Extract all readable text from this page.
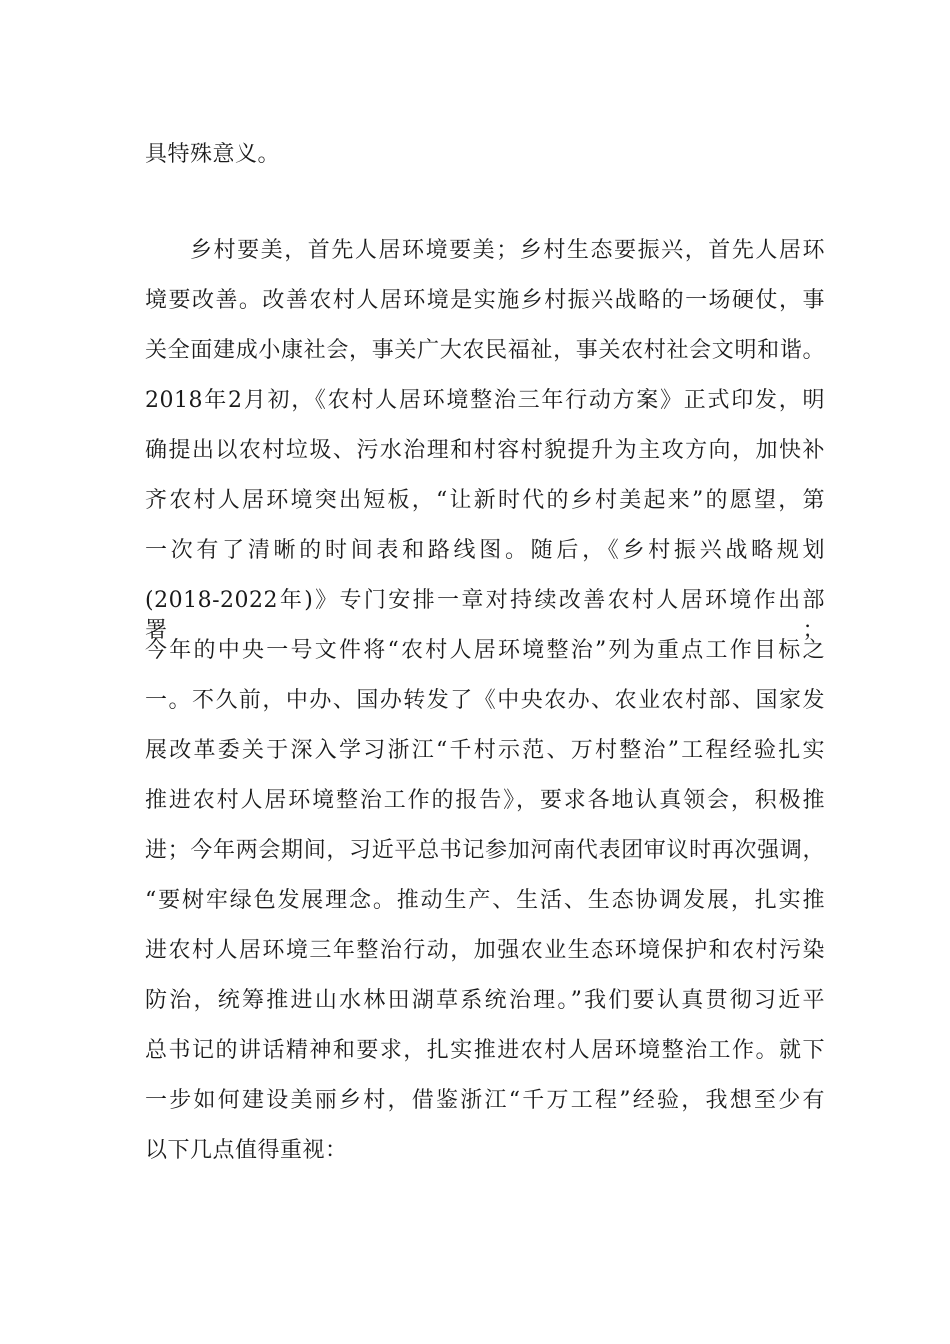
具特殊意义。
乡村要美，首先人居环境要美；乡村生态要振兴，首先人居环
境要改善。改善农村人居环境是实施乡村振兴战略的一场硬仗，事
关全面建成小康社会，事关广大农民福祉，事关农村社会文明和谐。
2018年2月初，《农村人居环境整治三年行动方案》正式印发，明
确提出以农村垃圾、污水治理和村容村貌提升为主攻方向，加快补
齐农村人居环境突出短板，“让新时代的乡村美起来”的愿望，第
一次有了清晰的时间表和路线图。随后，《乡村振兴战略规划
(2018-2022年)》专门安排一章对持续改善农村人居环境作出部署；
今年的中央一号文件将“农村人居环境整治”列为重点工作目标之
一。不久前，中办、国办转发了《中央农办、农业农村部、国家发
展改革委关于深入学习浙江“千村示范、万村整治”工程经验扎实
推进农村人居环境整治工作的报告》，要求各地认真领会，积极推
进；今年两会期间，习近平总书记参加河南代表团审议时再次强调，
“要树牢绿色发展理念。推动生产、生活、生态协调发展，扎实推
进农村人居环境三年整治行动，加强农业生态环境保护和农村污染
防治，统筹推进山水林田湖草系统治理。”我们要认真贯彻习近平
总书记的讲话精神和要求，扎实推进农村人居环境整治工作。就下
一步如何建设美丽乡村，借鉴浙江“千万工程”经验，我想至少有
以下几点值得重视：
